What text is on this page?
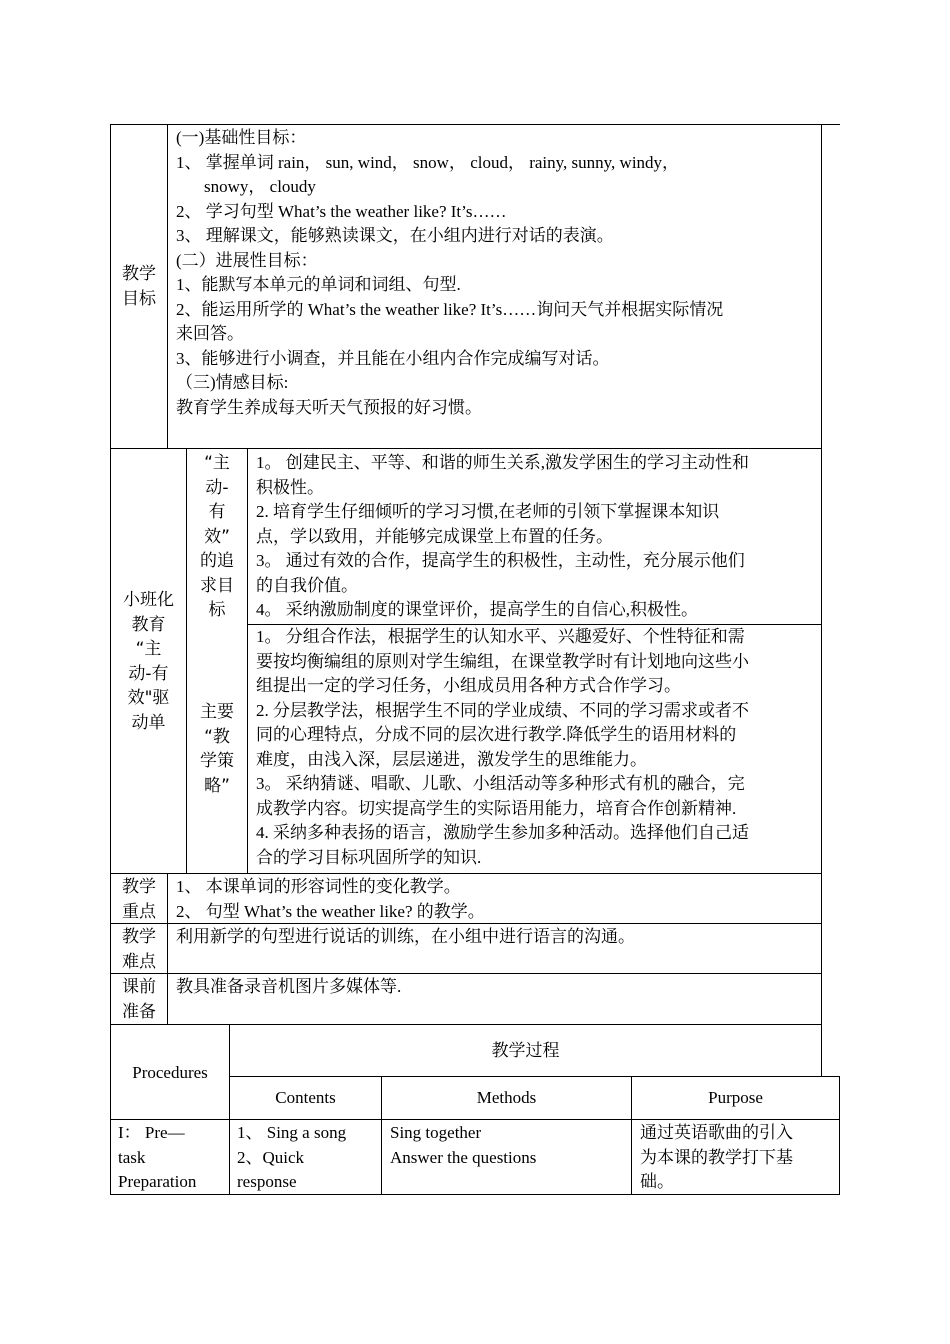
教学
目标
(一)基础性目标：
1、 掌握单词 rain， sun, wind， snow， cloud， rainy, sunny, windy，
snowy， cloudy
2、 学习句型 What’s the weather like? It’s……
3、 理解课文，能够熟读课文，在小组内进行对话的表演。
(二）进展性目标：
1、能默写本单元的单词和词组、句型.
2、能运用所学的 What’s the weather like? It’s……询问天气并根据实际情况
来回答。
3、能够进行小调查，并且能在小组内合作完成编写对话。
（三)情感目标:
教育学生养成每天听天气预报的好习惯。
小班化
教育
“主
动-有
效"驱
动单
“主
动-
有
效”
的追
求目
标
1。 创建民主、平等、和谐的师生关系,激发学困生的学习主动性和
积极性。
2. 培育学生仔细倾听的学习习惯,在老师的引领下掌握课本知识
点，学以致用，并能够完成课堂上布置的任务。
3。 通过有效的合作，提高学生的积极性，主动性，充分展示他们
的自我价值。
4。 采纳激励制度的课堂评价，提高学生的自信心,积极性。
主要
“教
学策
略”
1。 分组合作法，根据学生的认知水平、兴趣爱好、个性特征和需
要按均衡编组的原则对学生编组，在课堂教学时有计划地向这些小
组提出一定的学习任务，小组成员用各种方式合作学习。
2. 分层教学法，根据学生不同的学业成绩、不同的学习需求或者不
同的心理特点，分成不同的层次进行教学.降低学生的语用材料的
难度，由浅入深，层层递进，激发学生的思维能力。
3。 采纳猜谜、唱歌、儿歌、小组活动等多种形式有机的融合，完
成教学内容。切实提高学生的实际语用能力，培育合作创新精神.
4. 采纳多种表扬的语言，激励学生参加多种活动。选择他们自己适
合的学习目标巩固所学的知识.
教学
重点
1、 本课单词的形容词性的变化教学。
2、 句型 What’s the weather like? 的教学。
教学
难点
利用新学的句型进行说话的训练，在小组中进行语言的沟通。
课前
准备
教具准备录音机图片多媒体等.
Procedures
教学过程
Contents	Methods	Purpose
I： Pre—
task
Preparation
1、 Sing a song
2、Quick
response
Sing together
Answer the questions
通过英语歌曲的引入
为本课的教学打下基
础。
